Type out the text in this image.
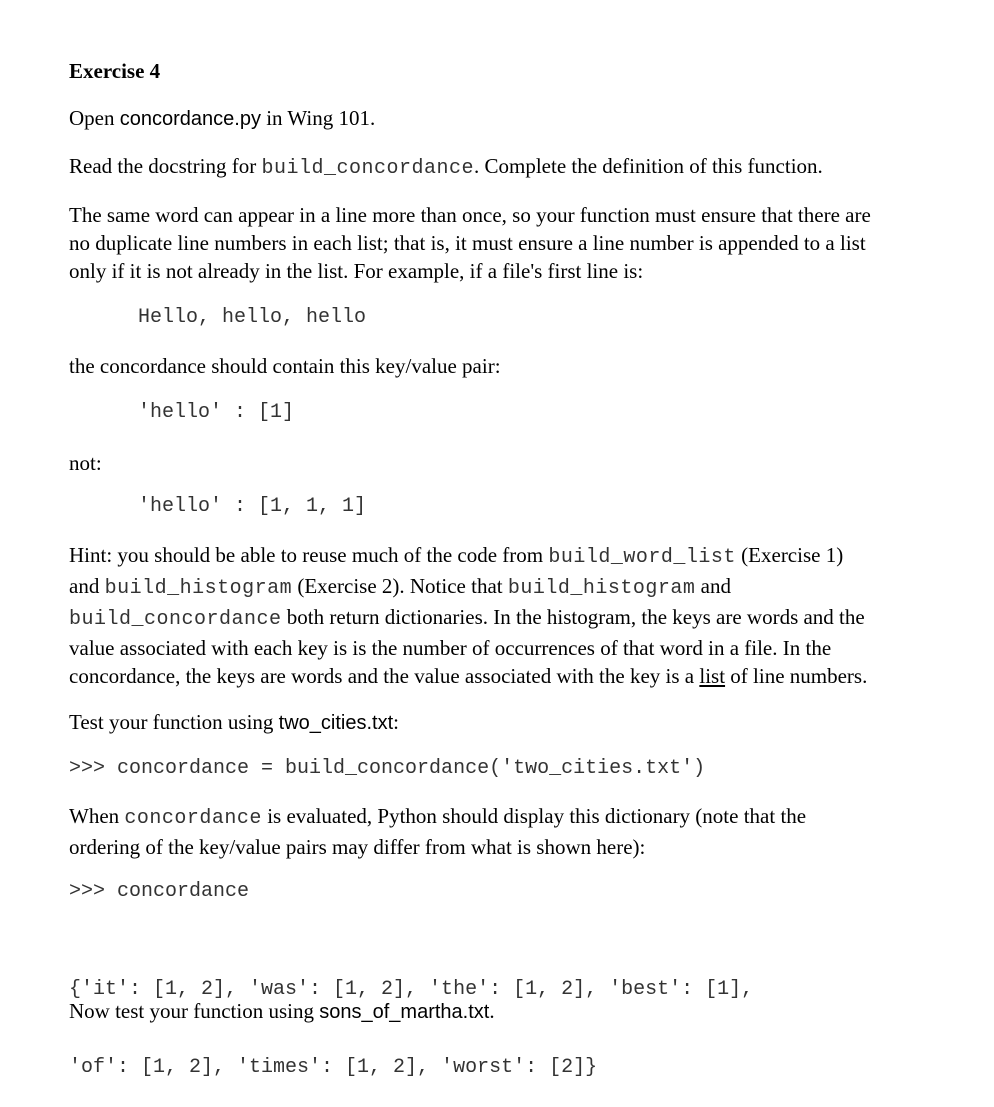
Exercise 4
Open concordance.py in Wing 101.
Read the docstring for build_concordance. Complete the definition of this function.
The same word can appear in a line more than once, so your function must ensure that there are
no duplicate line numbers in each list; that is, it must ensure a line number is appended to a list
only if it is not already in the list. For example, if a file's first line is:
Hello, hello, hello
the concordance should contain this key/value pair:
'hello' : [1]
not:
'hello' : [1, 1, 1]
Hint: you should be able to reuse much of the code from build_word_list (Exercise 1)
and build_histogram (Exercise 2). Notice that build_histogram and
build_concordance both return dictionaries. In the histogram, the keys are words and the
value associated with each key is is the number of occurrences of that word in a file. In the
concordance, the keys are words and the value associated with the key is a list of line numbers.
Test your function using two_cities.txt:
>>> concordance = build_concordance('two_cities.txt')
When concordance is evaluated, Python should display this dictionary (note that the
ordering of the key/value pairs may differ from what is shown here):
>>> concordance

{'it': [1, 2], 'was': [1, 2], 'the': [1, 2], 'best': [1],

'of': [1, 2], 'times': [1, 2], 'worst': [2]}

Now test your function using sons_of_martha.txt.
